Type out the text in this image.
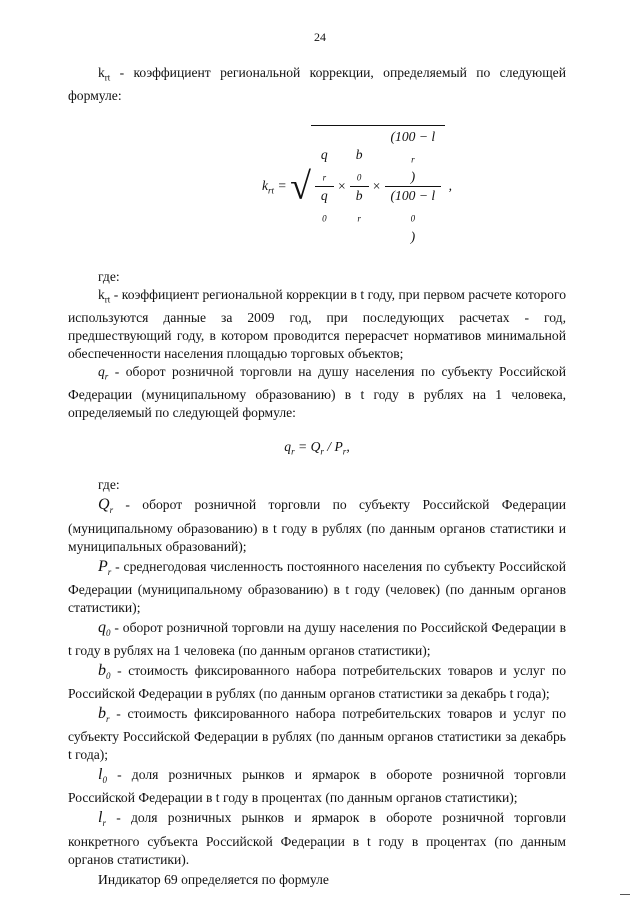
24

$k_{rt}$ - коэффициент региональной коррекции, определяемый по следующей формуле:

$k_{rt}$ = √ q
$_r$
q
$_0$ × b
$_0$
b
$_r$ × (100 − l
$_r$
)
(100 − l
$_0$
) ,

где:

$k_{rt}$ - коэффициент региональной коррекции в t году, при первом расчете которого используются данные за 2009 год, при последующих расчетах - год, предшествующий году, в котором проводится перерасчет нормативов минимальной обеспеченности населения площадью торговых объектов;

$q_r$ - оборот розничной торговли на душу населения по субъекту Российской Федерации (муниципальному образованию) в t году в рублях на 1 человека, определяемый по следующей формуле:

$q_r = Q_r / P_r$,

где:

$Q_r$ - оборот розничной торговли по субъекту Российской Федерации (муниципальному образованию) в t году в рублях (по данным органов статистики и муниципальных образований);

$P_r$ - среднегодовая численность постоянного населения по субъекту Российской Федерации (муниципальному образованию) в t году (человек) (по данным органов статистики);

$q_0$ - оборот розничной торговли на душу населения по Российской Федерации в t году в рублях на 1 человека (по данным органов статистики);

$b_0$ - стоимость фиксированного набора потребительских товаров и услуг по Российской Федерации в рублях (по данным органов статистики за декабрь t года);

$b_r$ - стоимость фиксированного набора потребительских товаров и услуг по субъекту Российской Федерации в рублях (по данным органов статистики за декабрь t года);

$l_0$ - доля розничных рынков и ярмарок в обороте розничной торговли Российской Федерации в t году в процентах (по данным органов статистики);

$l_r$ - доля розничных рынков и ярмарок в обороте розничной торговли конкретного субъекта Российской Федерации в t году в процентах (по данным органов статистики).

Индикатор 69 определяется по формуле
